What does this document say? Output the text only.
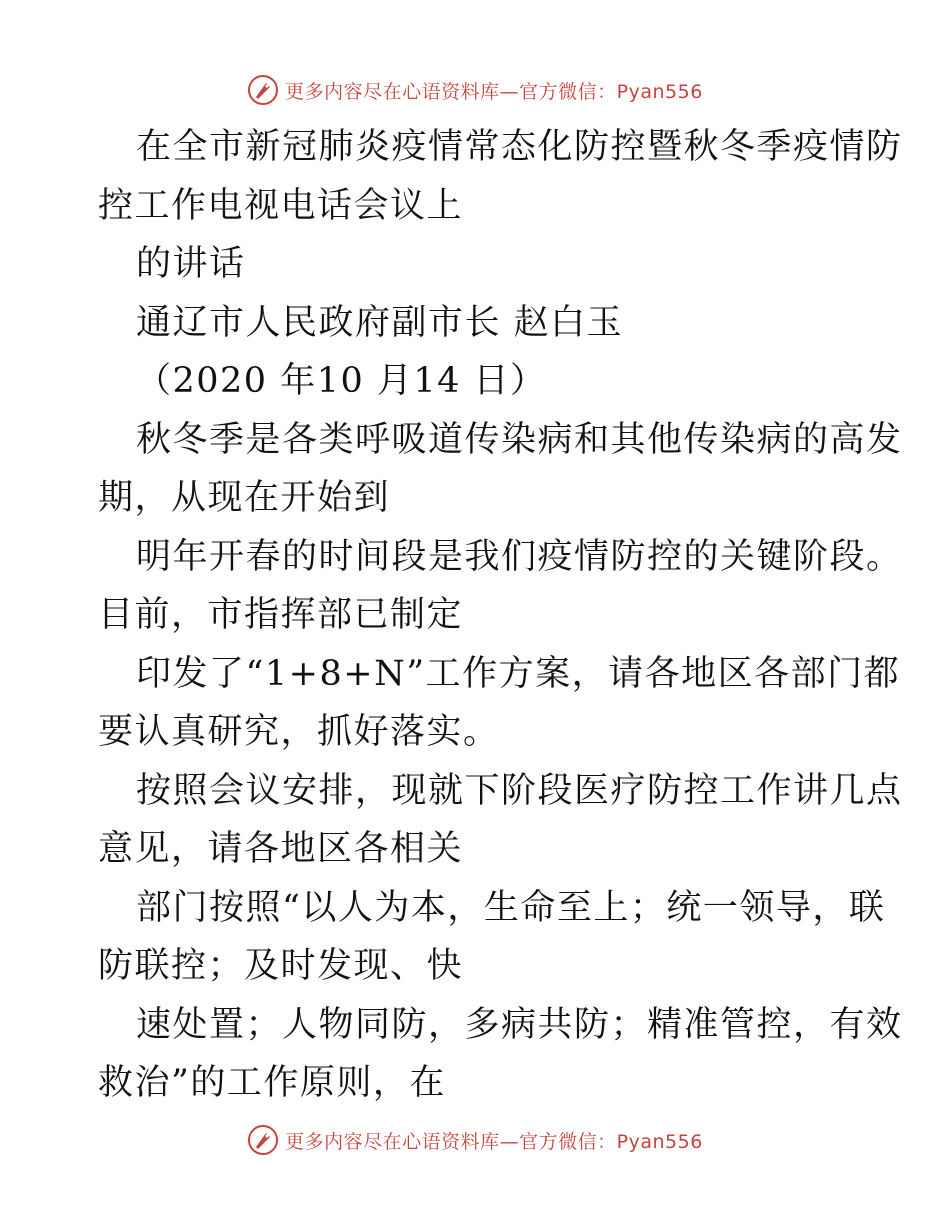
更多内容尽在心语资料库—官方微信：Pyan556
在全市新冠肺炎疫情常态化防控暨秋冬季疫情防
控工作电视电话会议上
的讲话
通辽市人民政府副市长 赵白玉
（2020 年10 月14 日）
秋冬季是各类呼吸道传染病和其他传染病的高发
期，从现在开始到
明年开春的时间段是我们疫情防控的关键阶段。
目前，市指挥部已制定
印发了“1+8+N”工作方案，请各地区各部门都
要认真研究，抓好落实。
按照会议安排，现就下阶段医疗防控工作讲几点
意见，请各地区各相关
部门按照“以人为本，生命至上；统一领导，联
防联控；及时发现、快
速处置；人物同防，多病共防；精准管控，有效
救治”的工作原则，在
更多内容尽在心语资料库—官方微信：Pyan556
